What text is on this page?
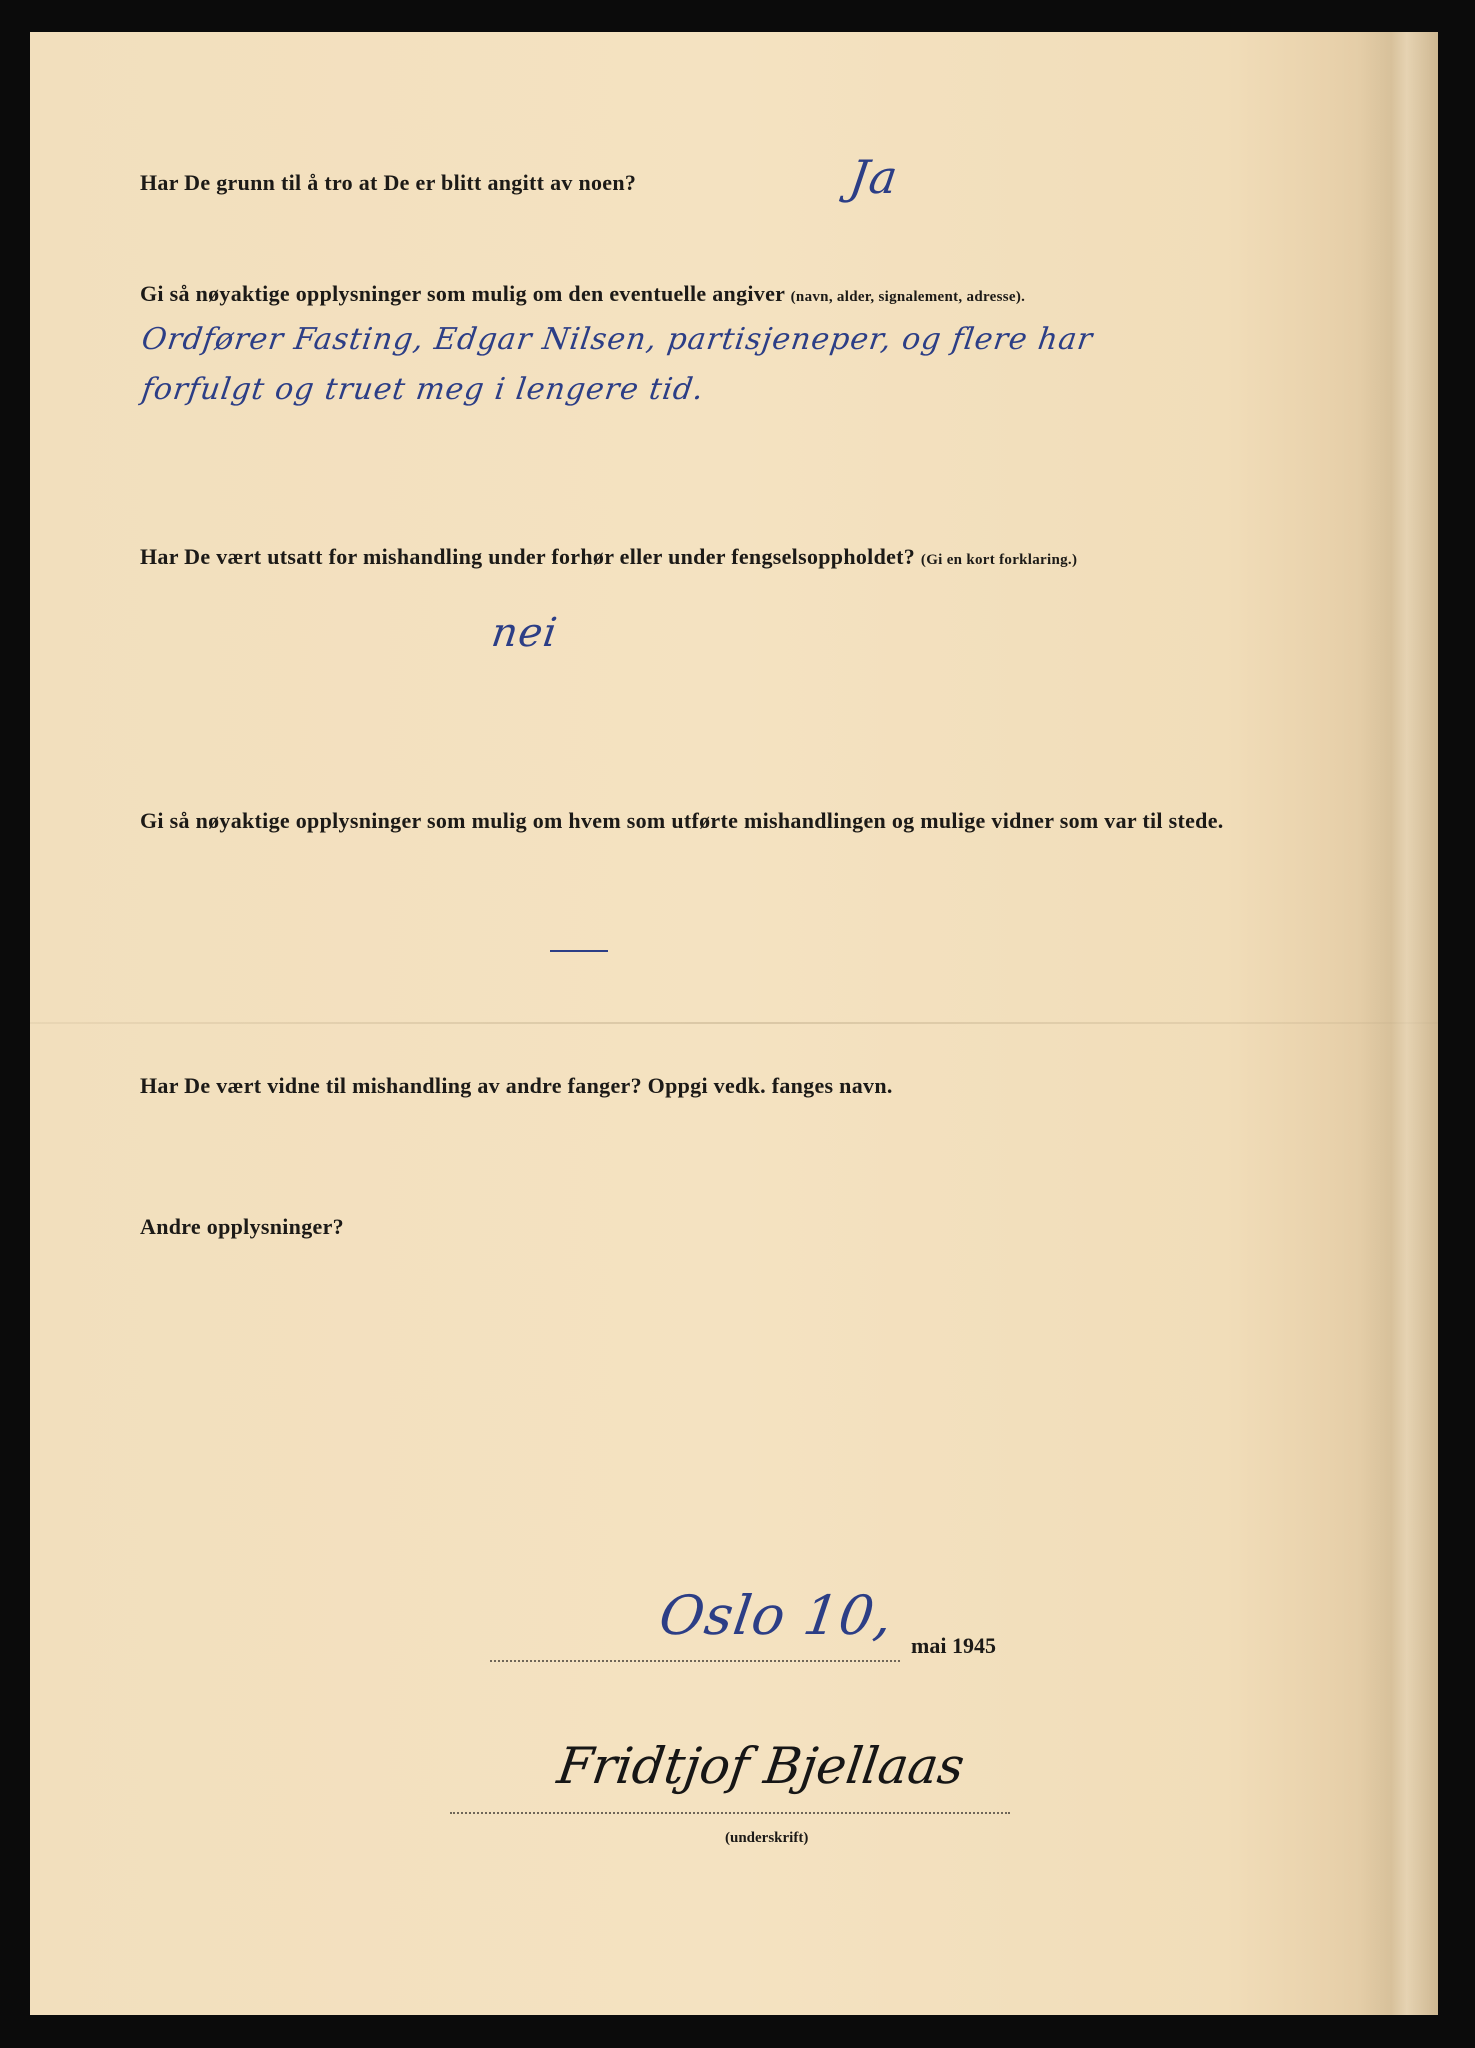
Har De grunn til å tro at De er blitt angitt av noen?	Ja
Gi så nøyaktige opplysninger som mulig om den eventuelle angiver (navn, alder, signalement, adresse).
Ordfører Fasting, Edgar Nilsen, partisjeneper, og flere har
forfulgt og truet meg i lengere tid.
Har De vært utsatt for mishandling under forhør eller under fengselsoppholdet? (Gi en kort forklaring.)
nei
Gi så nøyaktige opplysninger som mulig om hvem som utførte mishandlingen og mulige vidner som var til stede.
Har De vært vidne til mishandling av andre fanger? Oppgi vedk. fanges navn.
Andre opplysninger?
Oslo 10, mai 1945
Fridtjof Bjellaas
(underskrift)
